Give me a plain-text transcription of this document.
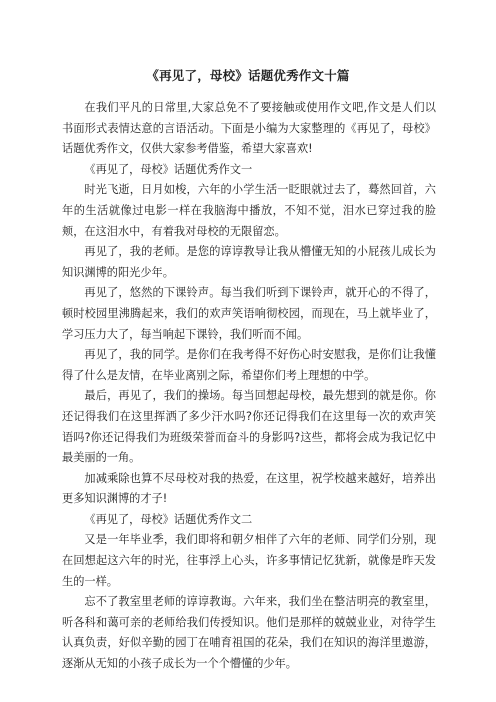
《再见了，母校》话题优秀作文十篇

在我们平凡的日常里,大家总免不了要接触或使用作文吧,作文是人们以书面形式表情达意的言语活动。下面是小编为大家整理的《再见了，母校》话题优秀作文，仅供大家参考借鉴，希望大家喜欢!

《再见了，母校》话题优秀作文一

时光飞逝，日月如梭，六年的小学生活一眨眼就过去了，蓦然回首，六年的生活就像过电影一样在我脑海中播放，不知不觉，泪水已穿过我的脸颊，在这泪水中，有着我对母校的无限留恋。

再见了，我的老师。是您的谆谆教导让我从懵懂无知的小屁孩儿成长为知识渊博的阳光少年。

再见了，悠然的下课铃声。每当我们听到下课铃声，就开心的不得了，顿时校园里沸腾起来，我们的欢声笑语响彻校园，而现在，马上就毕业了，学习压力大了，每当响起下课铃，我们听而不闻。

再见了，我的同学。是你们在我考得不好伤心时安慰我，是你们让我懂得了什么是友情，在毕业离别之际，希望你们考上理想的中学。

最后，再见了，我们的操场。每当回想起母校，最先想到的就是你。你还记得我们在这里挥洒了多少汗水吗?你还记得我们在这里每一次的欢声笑语吗?你还记得我们为班级荣誉而奋斗的身影吗?这些，都将会成为我记忆中最美丽的一角。

加减乘除也算不尽母校对我的热爱，在这里，祝学校越来越好，培养出更多知识渊博的才子!

《再见了，母校》话题优秀作文二

又是一年毕业季，我们即将和朝夕相伴了六年的老师、同学们分别，现在回想起这六年的时光，往事浮上心头，许多事情记忆犹新，就像是昨天发生的一样。

忘不了教室里老师的谆谆教诲。六年来，我们坐在整洁明亮的教室里，听各科和蔼可亲的老师给我们传授知识。他们是那样的兢兢业业，对待学生认真负责，好似辛勤的园丁在哺育祖国的花朵，我们在知识的海洋里遨游，逐渐从无知的小孩子成长为一个个懵懂的少年。
